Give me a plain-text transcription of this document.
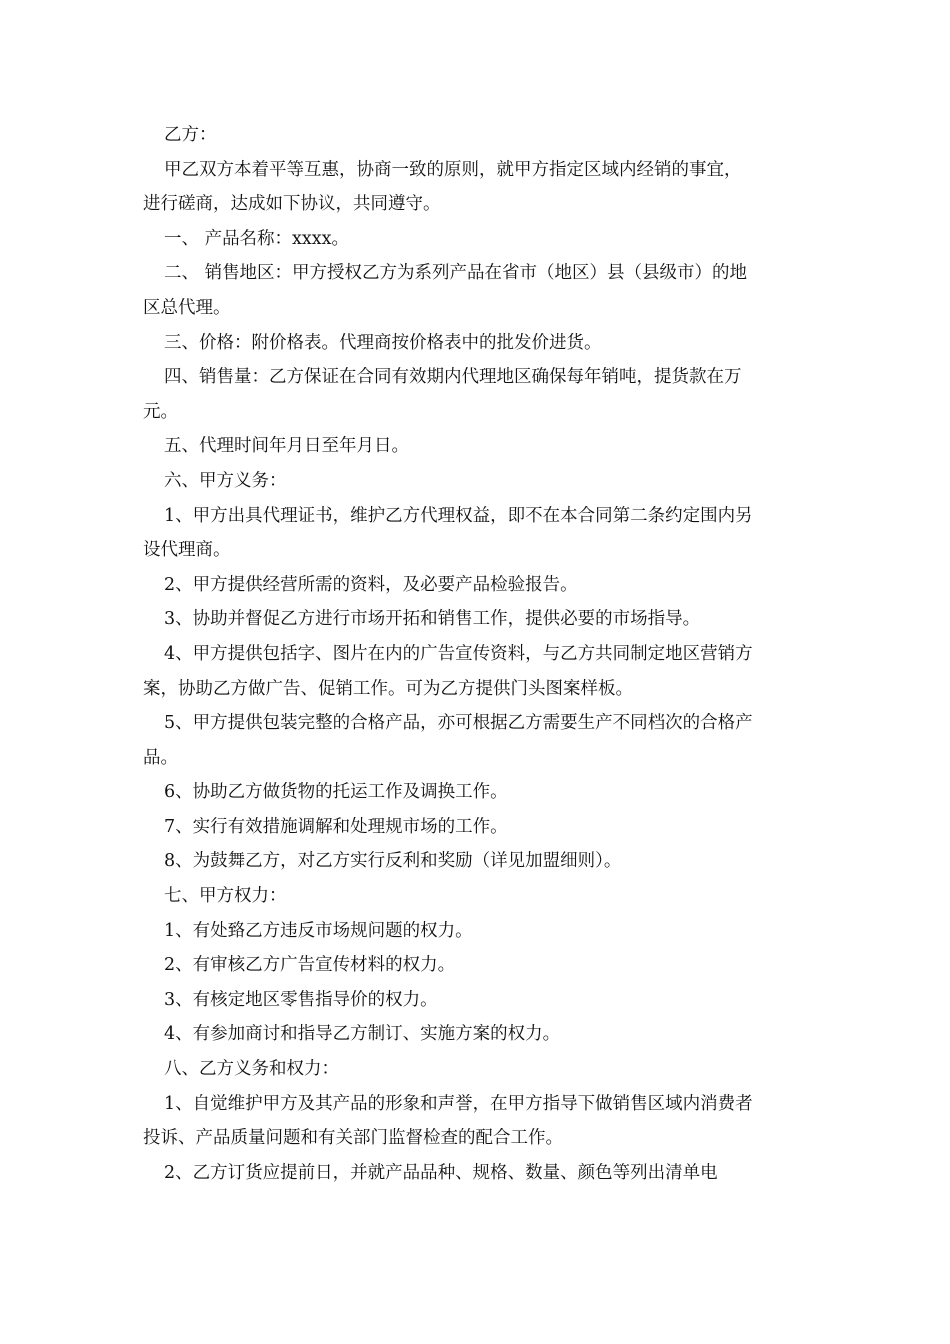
乙方：
甲乙双方本着平等互惠，协商一致的原则，就甲方指定区域内经销的事宜，
进行磋商，达成如下协议，共同遵守。
一、 产品名称：xxxx。
二、 销售地区：甲方授权乙方为系列产品在省市（地区）县（县级市）的地
区总代理。
三、价格：附价格表。代理商按价格表中的批发价进货。
四、销售量：乙方保证在合同有效期内代理地区确保每年销吨，提货款在万
元。
五、代理时间年月日至年月日。
六、甲方义务：
1、甲方出具代理证书，维护乙方代理权益，即不在本合同第二条约定围内另
设代理商。
2、甲方提供经营所需的资料，及必要产品检验报告。
3、协助并督促乙方进行市场开拓和销售工作，提供必要的市场指导。
4、甲方提供包括字、图片在内的广告宣传资料，与乙方共同制定地区营销方
案，协助乙方做广告、促销工作。可为乙方提供门头图案样板。
5、甲方提供包装完整的合格产品，亦可根据乙方需要生产不同档次的合格产
品。
6、协助乙方做货物的托运工作及调换工作。
7、实行有效措施调解和处理规市场的工作。
8、为鼓舞乙方，对乙方实行反利和奖励（详见加盟细则）。
七、甲方权力：
1、有处臵乙方违反市场规问题的权力。
2、有审核乙方广告宣传材料的权力。
3、有核定地区零售指导价的权力。
4、有参加商讨和指导乙方制订、实施方案的权力。
八、乙方义务和权力：
1、自觉维护甲方及其产品的形象和声誉，在甲方指导下做销售区域内消费者
投诉、产品质量问题和有关部门监督检查的配合工作。
2、乙方订货应提前日，并就产品品种、规格、数量、颜色等列出清单电
